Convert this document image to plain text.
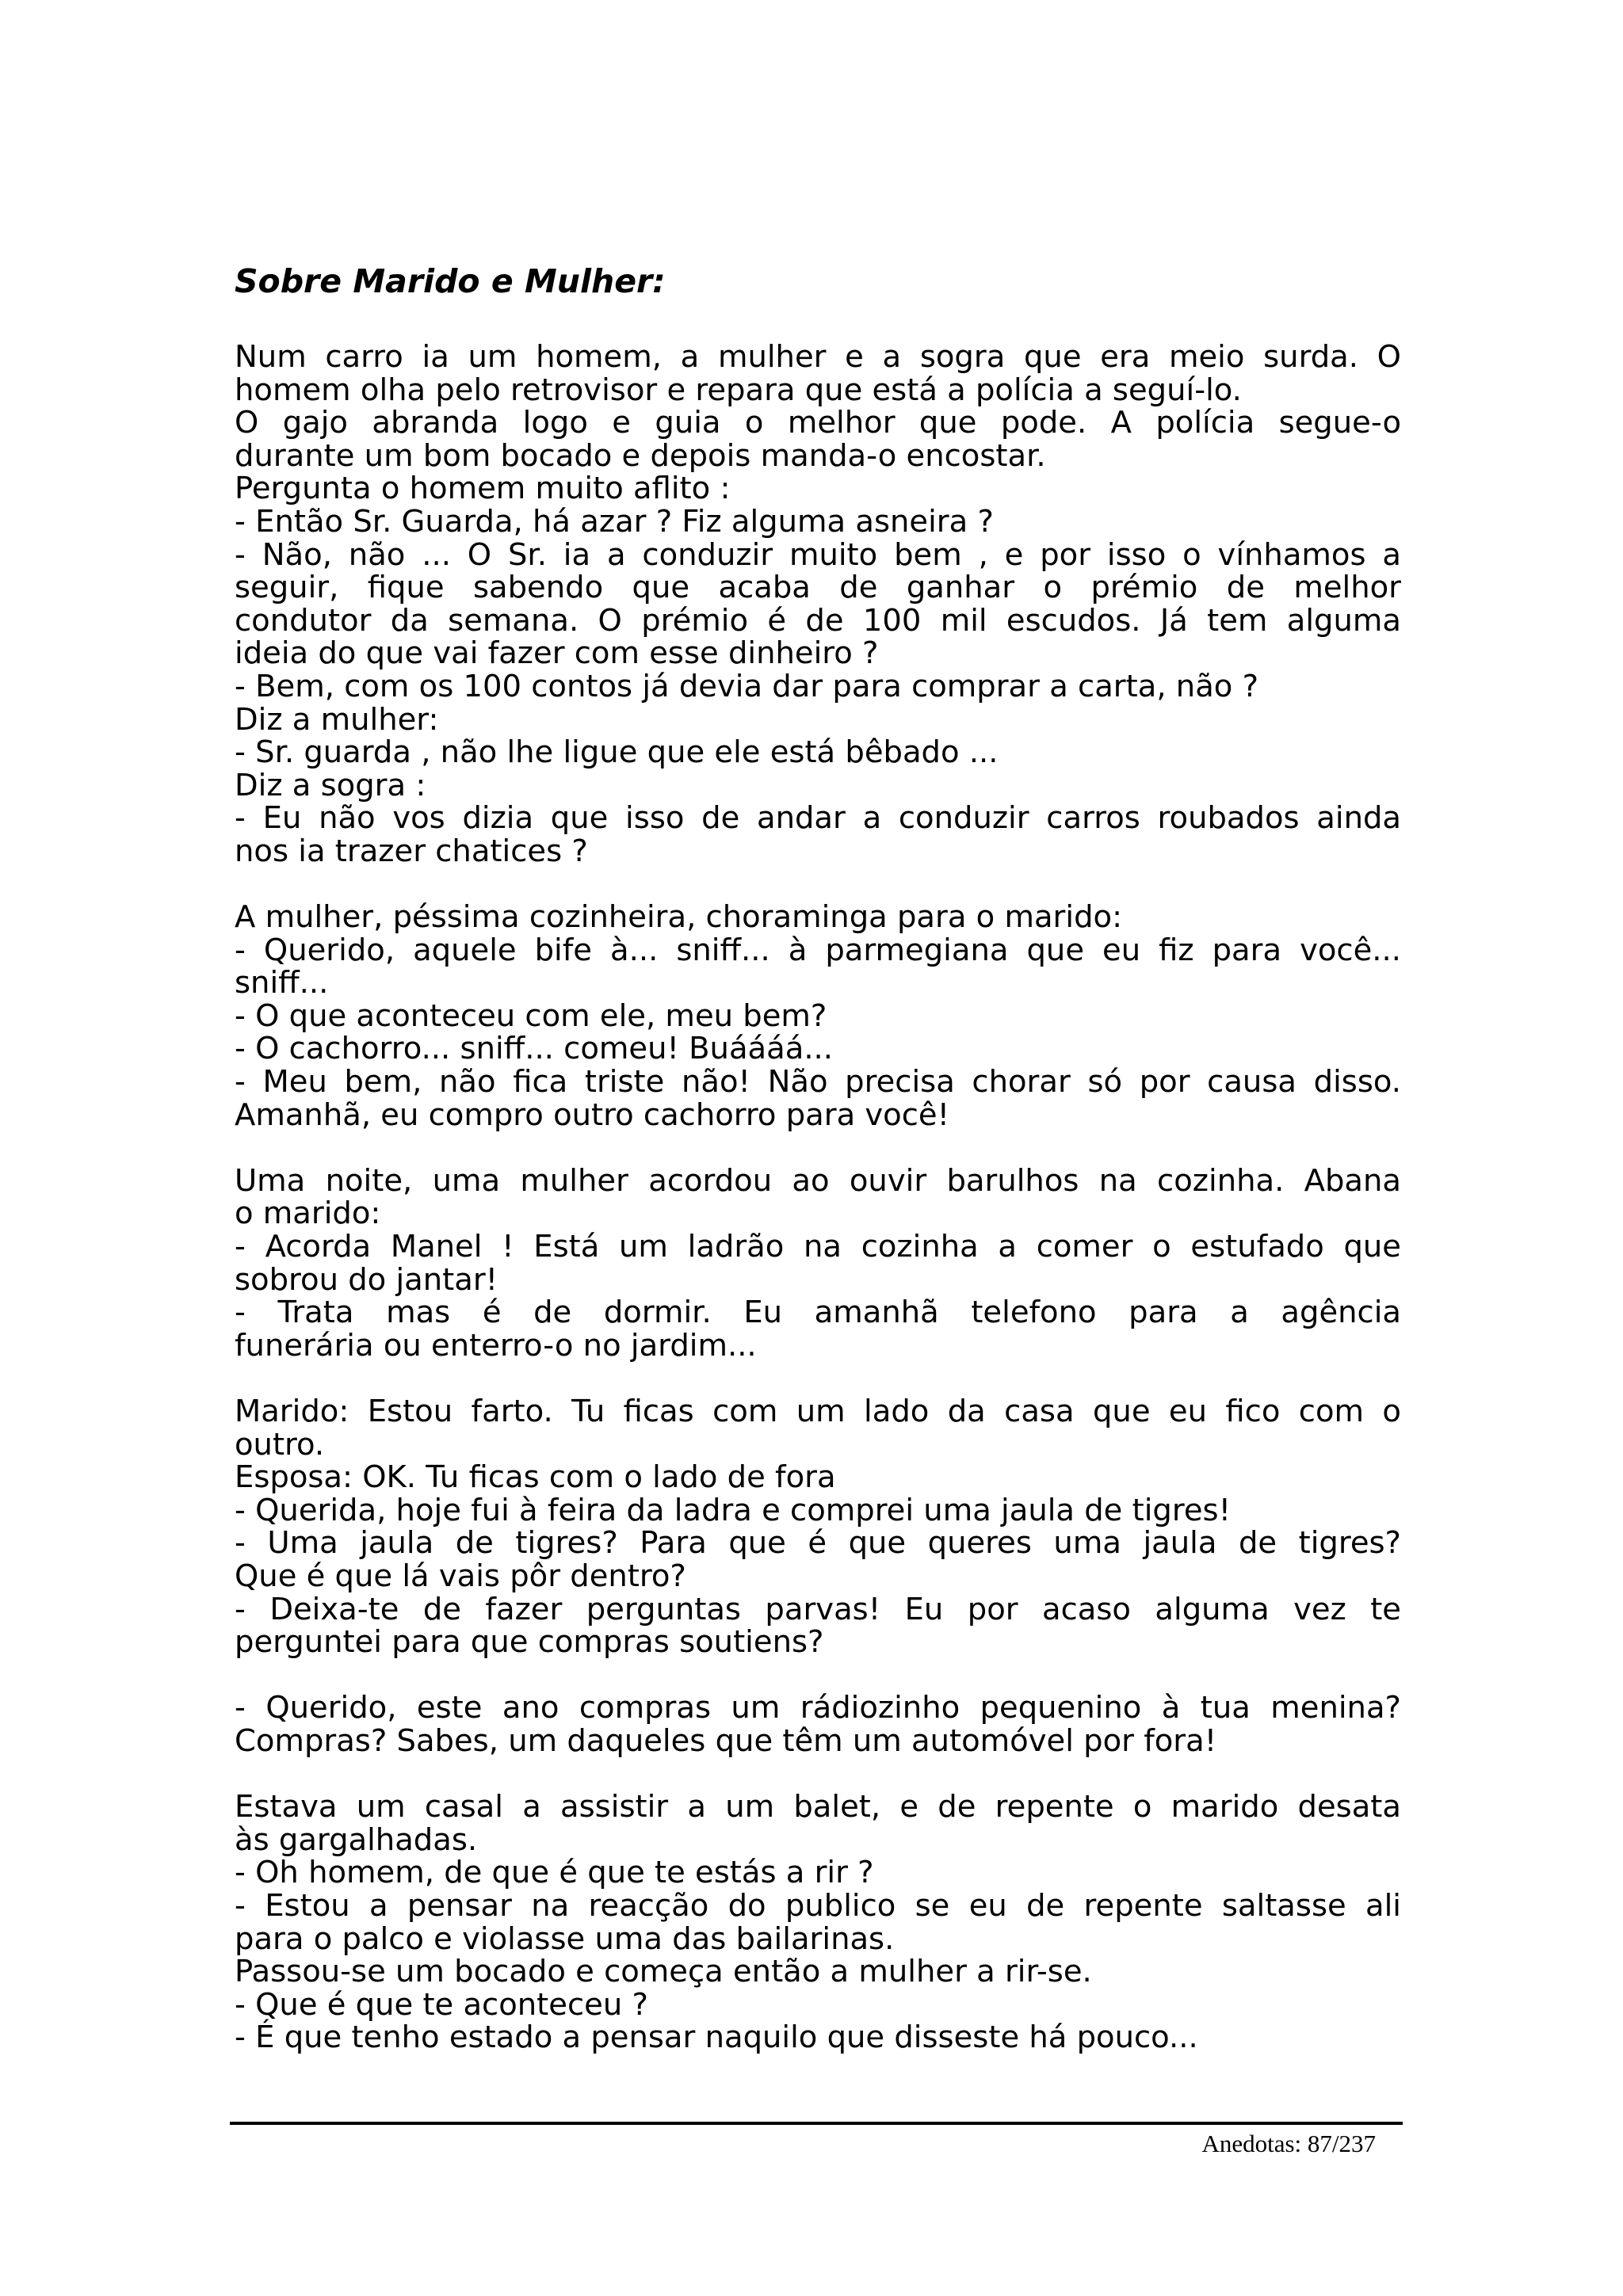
Sobre Marido e Mulher:
Num carro ia um homem, a mulher e a sogra que era meio surda. O
homem olha pelo retrovisor e repara que está a polícia a seguí-lo.
O gajo abranda logo e guia o melhor que pode. A polícia segue-o
durante um bom bocado e depois manda-o encostar.
Pergunta o homem muito aflito :
- Então Sr. Guarda, há azar ? Fiz alguma asneira ?
- Não, não ... O Sr. ia a conduzir muito bem , e por isso o vínhamos a
seguir, fique sabendo que acaba de ganhar o prémio de melhor
condutor da semana. O prémio é de 100 mil escudos. Já tem alguma
ideia do que vai fazer com esse dinheiro ?
- Bem, com os 100 contos já devia dar para comprar a carta, não ?
Diz a mulher:
- Sr. guarda , não lhe ligue que ele está bêbado ...
Diz a sogra :
- Eu não vos dizia que isso de andar a conduzir carros roubados ainda
nos ia trazer chatices ?
A mulher, péssima cozinheira, choraminga para o marido:
- Querido, aquele bife à... sniff... à parmegiana que eu fiz para você...
sniff...
- O que aconteceu com ele, meu bem?
- O cachorro... sniff... comeu! Buáááá...
- Meu bem, não fica triste não! Não precisa chorar só por causa disso.
Amanhã, eu compro outro cachorro para você!
Uma noite, uma mulher acordou ao ouvir barulhos na cozinha. Abana
o marido:
- Acorda Manel ! Está um ladrão na cozinha a comer o estufado que
sobrou do jantar!
- Trata mas é de dormir. Eu amanhã telefono para a agência
funerária ou enterro-o no jardim...
Marido: Estou farto. Tu ficas com um lado da casa que eu fico com o
outro.
Esposa: OK. Tu ficas com o lado de fora
- Querida, hoje fui à feira da ladra e comprei uma jaula de tigres!
- Uma jaula de tigres? Para que é que queres uma jaula de tigres?
Que é que lá vais pôr dentro?
- Deixa-te de fazer perguntas parvas! Eu por acaso alguma vez te
perguntei para que compras soutiens?
- Querido, este ano compras um rádiozinho pequenino à tua menina?
Compras? Sabes, um daqueles que têm um automóvel por fora!
Estava um casal a assistir a um balet, e de repente o marido desata
às gargalhadas.
- Oh homem, de que é que te estás a rir ?
- Estou a pensar na reacção do publico se eu de repente saltasse ali
para o palco e violasse uma das bailarinas.
Passou-se um bocado e começa então a mulher a rir-se.
- Que é que te aconteceu ?
- É que tenho estado a pensar naquilo que disseste há pouco...
Anedotas: 87/237
